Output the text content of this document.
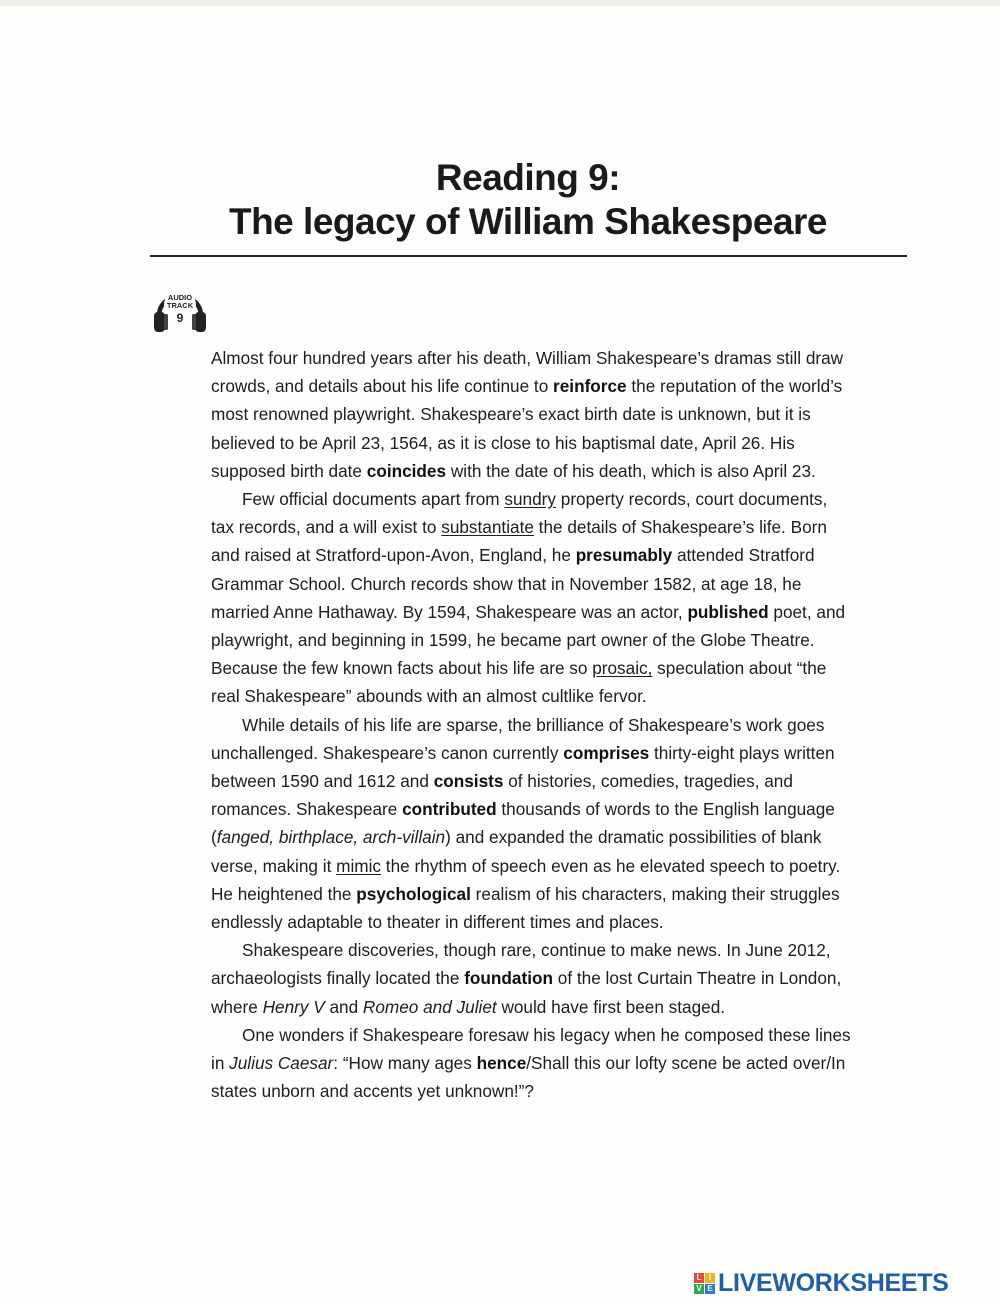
Reading 9:
The legacy of William Shakespeare
AUDIO
TRACK
9

Almost four hundred years after his death, William Shakespeare’s dramas still draw crowds, and details about his life continue to reinforce the reputation of the world’s most renowned playwright. Shakespeare’s exact birth date is unknown, but it is believed to be April 23, 1564, as it is close to his baptismal date, April 26. His supposed birth date coincides with the date of his death, which is also April 23.

Few official documents apart from sundry property records, court documents, tax records, and a will exist to substantiate the details of Shakespeare’s life. Born and raised at Stratford-upon-Avon, England, he presumably attended Stratford Grammar School. Church records show that in November 1582, at age 18, he married Anne Hathaway. By 1594, Shakespeare was an actor, published poet, and playwright, and beginning in 1599, he became part owner of the Globe Theatre. Because the few known facts about his life are so prosaic, speculation about “the real Shakespeare” abounds with an almost cultlike fervor.

While details of his life are sparse, the brilliance of Shakespeare’s work goes unchallenged. Shakespeare’s canon currently comprises thirty-eight plays written between 1590 and 1612 and consists of histories, comedies, tragedies, and romances. Shakespeare contributed thousands of words to the English language (fanged, birthplace, arch-villain) and expanded the dramatic possibilities of blank verse, making it mimic the rhythm of speech even as he elevated speech to poetry. He heightened the psychological realism of his characters, making their struggles endlessly adaptable to theater in different times and places.

Shakespeare discoveries, though rare, continue to make news. In June 2012, archaeologists finally located the foundation of the lost Curtain Theatre in London, where Henry V and Romeo and Juliet would have first been staged.

One wonders if Shakespeare foresaw his legacy when he composed these lines in Julius Caesar: “How many ages hence/Shall this our lofty scene be acted over/In states unborn and accents yet unknown!”?

L I
V E LIVEWORKSHEETS
